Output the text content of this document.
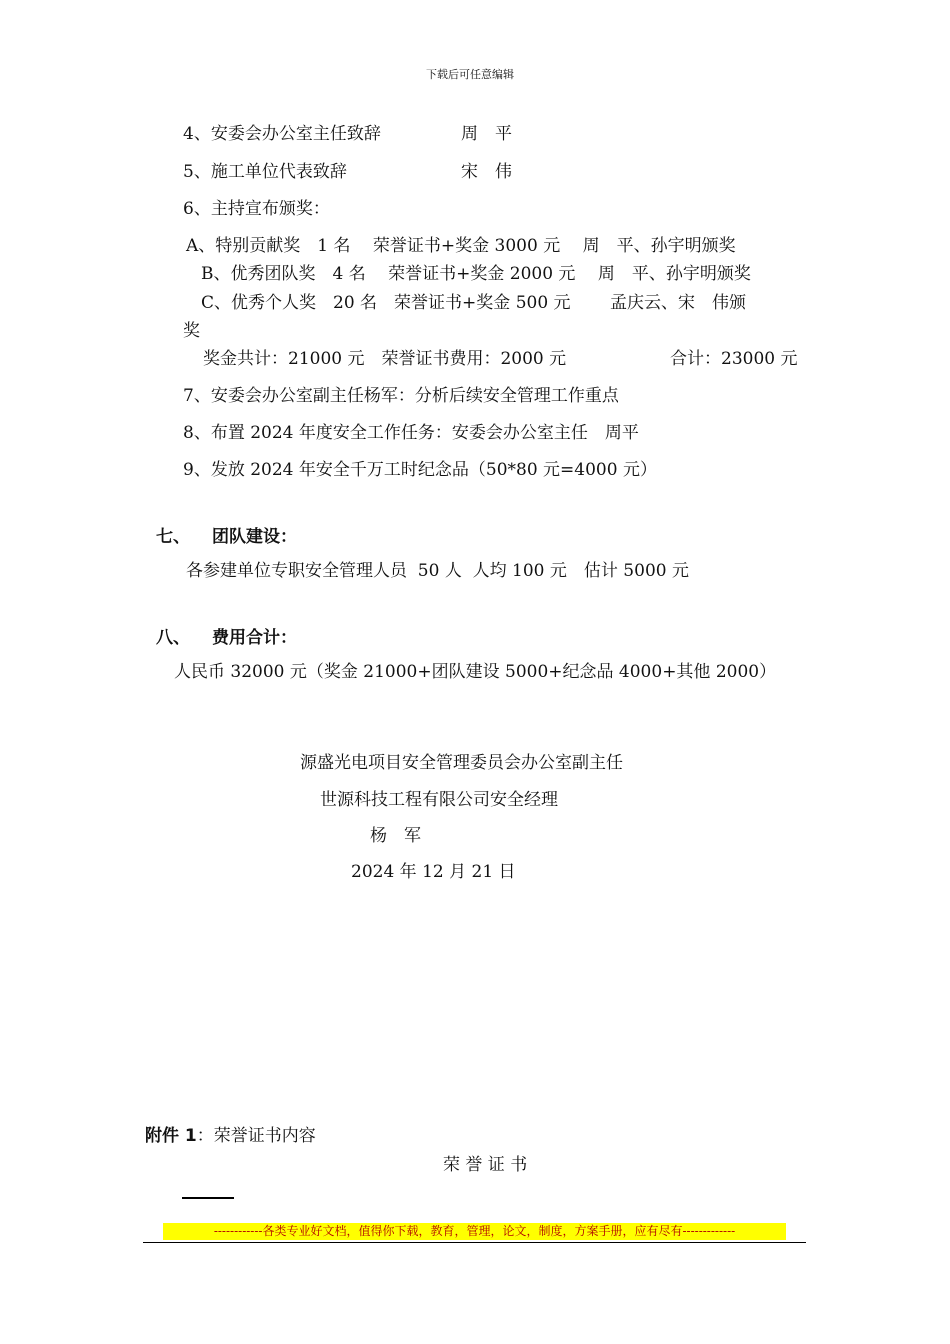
下载后可任意编辑
4、安委会办公室主任致辞	周　平
5、施工单位代表致辞	宋　伟
6、主持宣布颁奖：
A、特别贡献奖　1 名　 荣誉证书+奖金 3000 元　 周　平、孙宇明颁奖
B、优秀团队奖　4 名　 荣誉证书+奖金 2000 元　 周　平、孙宇明颁奖
C、优秀个人奖　20 名　荣誉证书+奖金 500 元　　 孟庆云、宋　伟颁
奖
奖金共计：21000 元　荣誉证书费用：2000 元	合计：23000 元
7、安委会办公室副主任杨军：分析后续安全管理工作重点
8、布置 2024 年度安全工作任务：安委会办公室主任　周平
9、发放 2024 年安全千万工时纪念品（50*80 元=4000 元）
七、 团队建设：
各参建单位专职安全管理人员  50 人  人均 100 元　估计 5000 元
八、 费用合计：
人民币 32000 元（奖金 21000+团队建设 5000+纪念品 4000+其他 2000）
源盛光电项目安全管理委员会办公室副主任
世源科技工程有限公司安全经理
杨　军
2024 年 12 月 21 日
附件 1：荣誉证书内容
荣 誉 证 书
------------各类专业好文档，值得你下载，教育，管理，论文，制度，方案手册，应有尽有-------------
